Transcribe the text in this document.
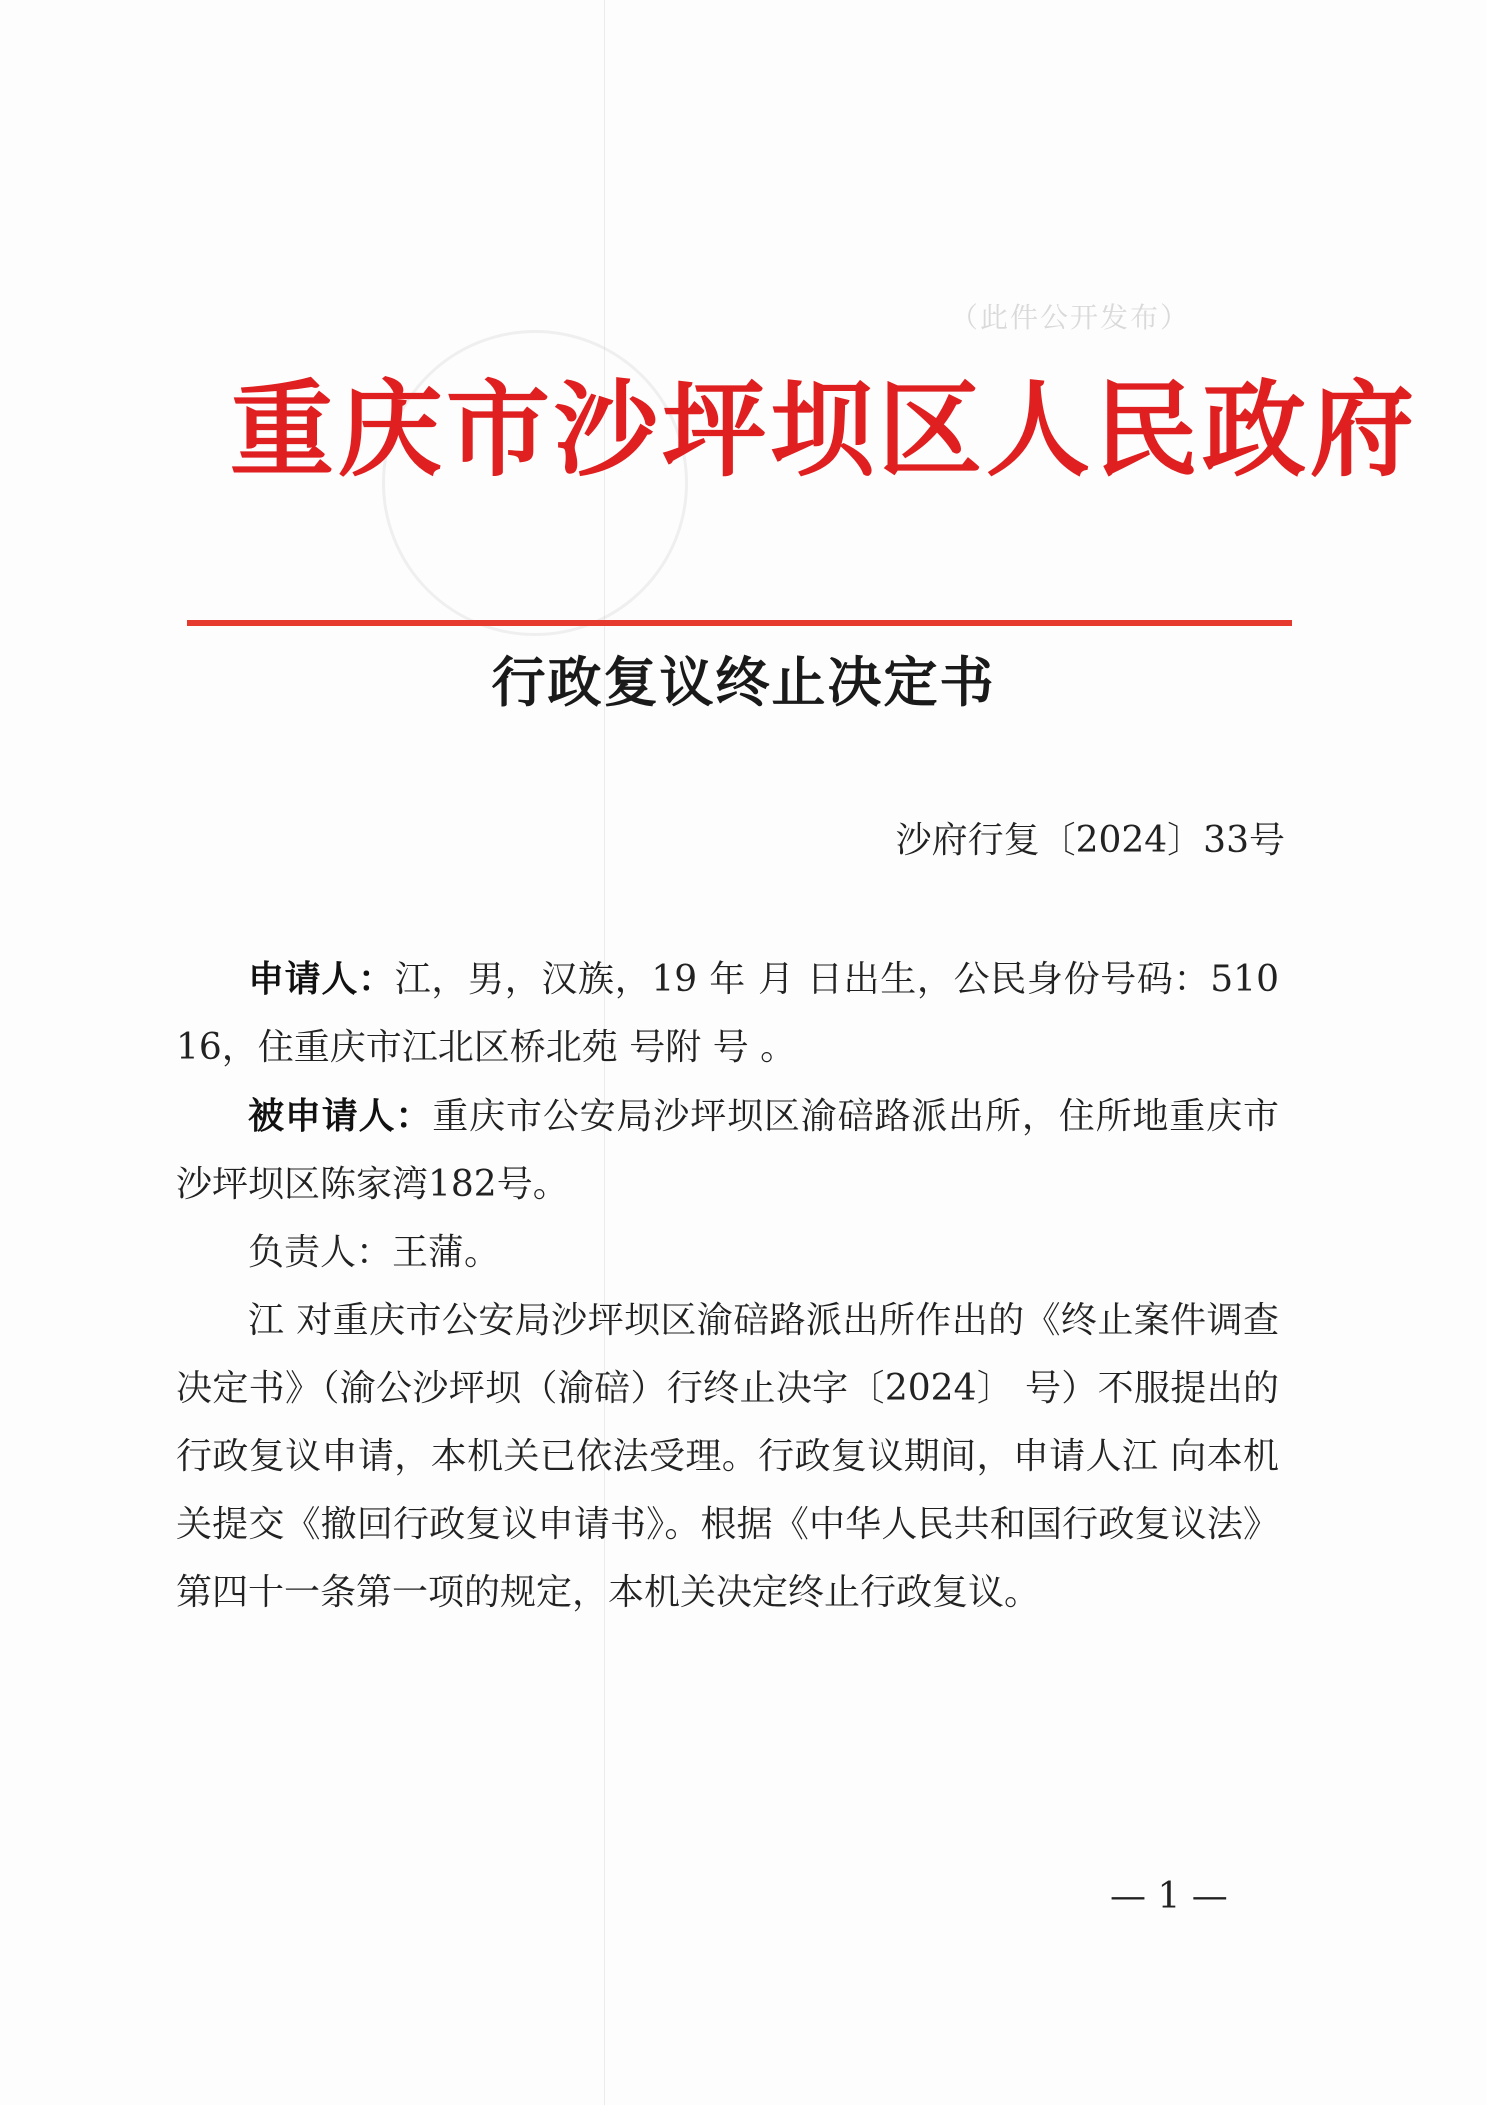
（此件公开发布）
重庆市沙坪坝区人民政府
行政复议终止决定书
沙府行复〔2024〕33号

申请人：江，男，汉族，19 年 月 日出生，公民身份号码：510 16，住重庆市江北区桥北苑 号附 号 。

被申请人：重庆市公安局沙坪坝区渝碚路派出所，住所地重庆市沙坪坝区陈家湾182号。

负责人：王蒲。

江 对重庆市公安局沙坪坝区渝碚路派出所作出的《终止案件调查决定书》（渝公沙坪坝（渝碚）行终止决字〔2024〕 号）不服提出的行政复议申请，本机关已依法受理。行政复议期间，申请人江 向本机关提交《撤回行政复议申请书》。根据《中华人民共和国行政复议法》第四十一条第一项的规定，本机关决定终止行政复议。

— 1 —
